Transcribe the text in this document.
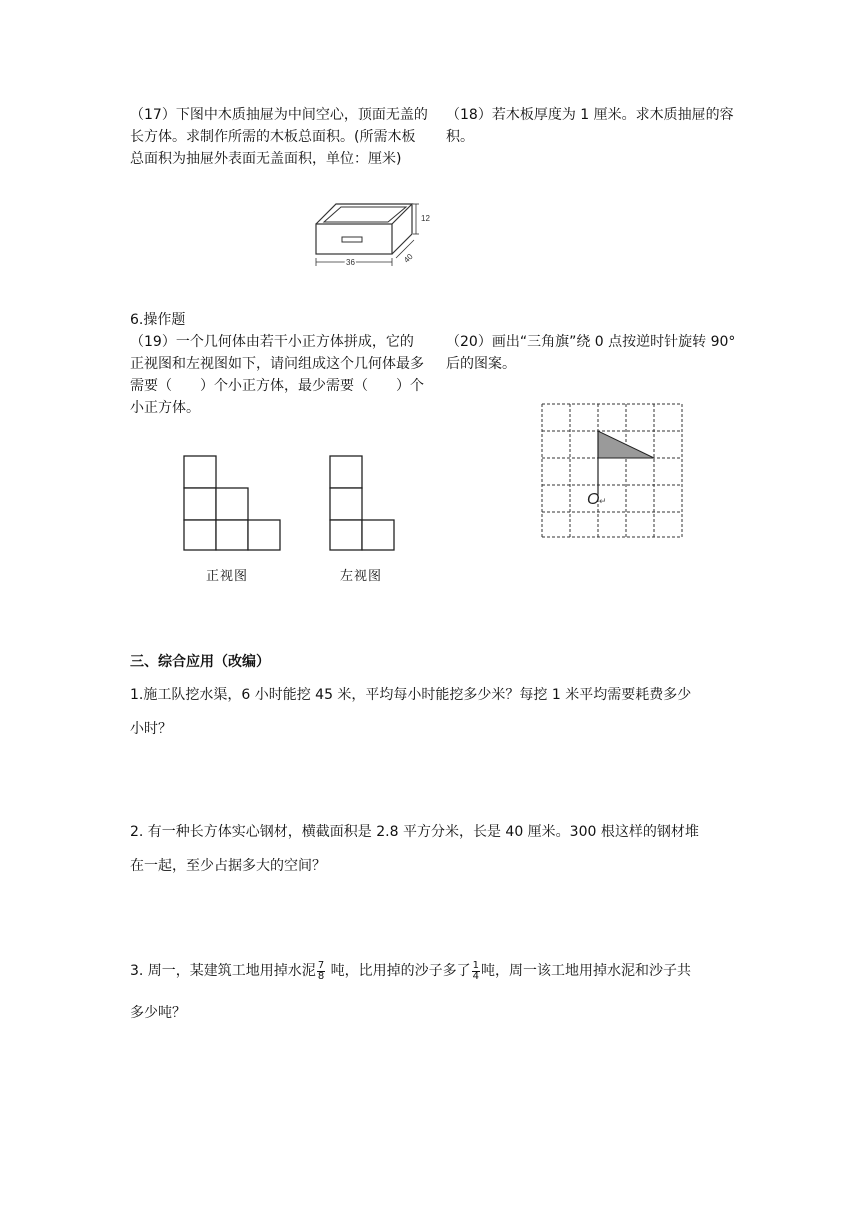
（17）下图中木质抽屉为中间空心，顶面无盖的长方体。求制作所需的木板总面积。(所需木板总面积为抽屉外表面无盖面积，单位：厘米)
12
36	40
（18）若木板厚度为 1 厘米。求木质抽屉的容积。
6.操作题
（19）一个几何体由若干小正方体拼成，它的正视图和左视图如下，请问组成这个几何体最多需要（　　）个小正方体，最少需要（　　）个小正方体。
正视图	左视图
（20）画出“三角旗”绕 0 点按逆时针旋转 90° 后的图案。
O ↵
三、综合应用（改编）
1.施工队挖水渠，6 小时能挖 45 米，平均每小时能挖多少米？每挖 1 米平均需要耗费多少
小时？
2. 有一种长方体实心钢材，横截面积是 2.8 平方分米，长是 40 厘米。300 根这样的钢材堆
在一起，至少占据多大的空间？
3. 周一，某建筑工地用掉水泥 $\frac{7}{8}$ 吨，比用掉的沙子多了 $\frac{1}{4}$ 吨，周一该工地用掉水泥和沙子共
多少吨？
